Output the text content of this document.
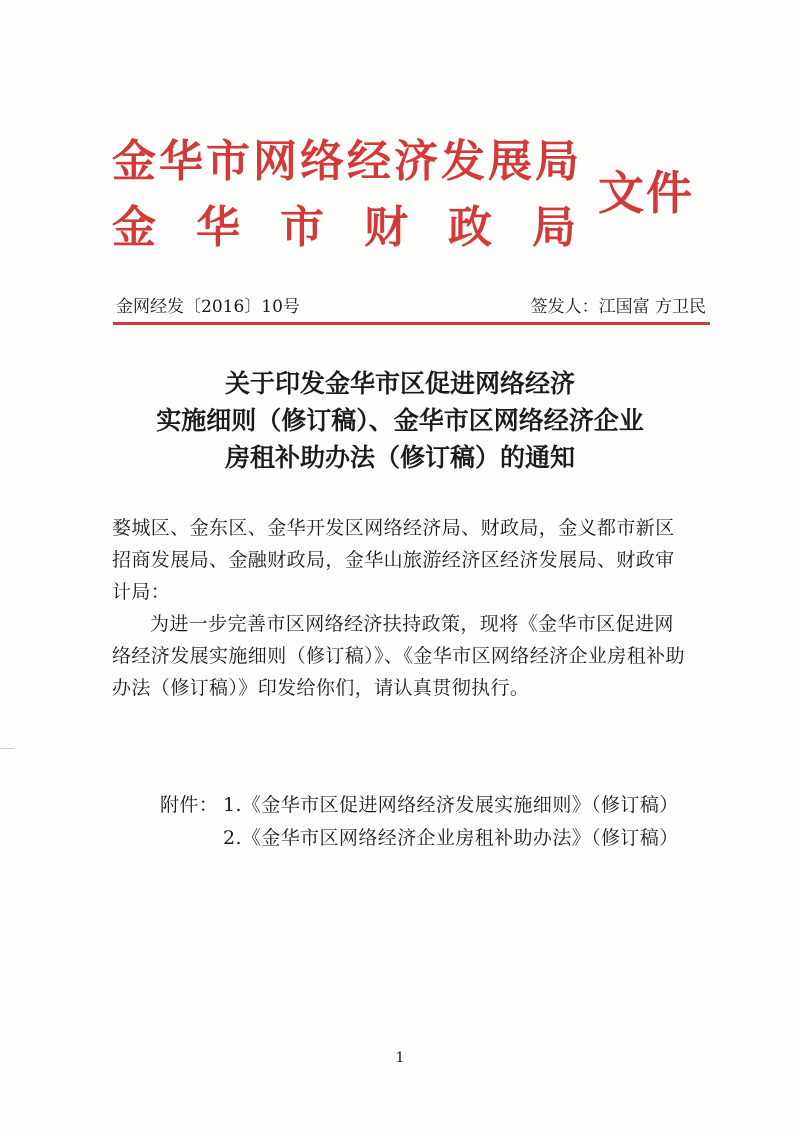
金华市网络经济发展局
金华市财政局
文件
金网经发〔2016〕10号	签发人：江国富 方卫民
关于印发金华市区促进网络经济
实施细则（修订稿）、金华市区网络经济企业
房租补助办法（修订稿）的通知

婺城区、金东区、金华开发区网络经济局、财政局，金义都市新区招商发展局、金融财政局，金华山旅游经济区经济发展局、财政审计局：

为进一步完善市区网络经济扶持政策，现将《金华市区促进网络经济发展实施细则（修订稿）》、《金华市区网络经济企业房租补助办法（修订稿）》印发给你们，请认真贯彻执行。

附件： 1.《金华市区促进网络经济发展实施细则》（修订稿）
2.《金华市区网络经济企业房租补助办法》（修订稿）
1
